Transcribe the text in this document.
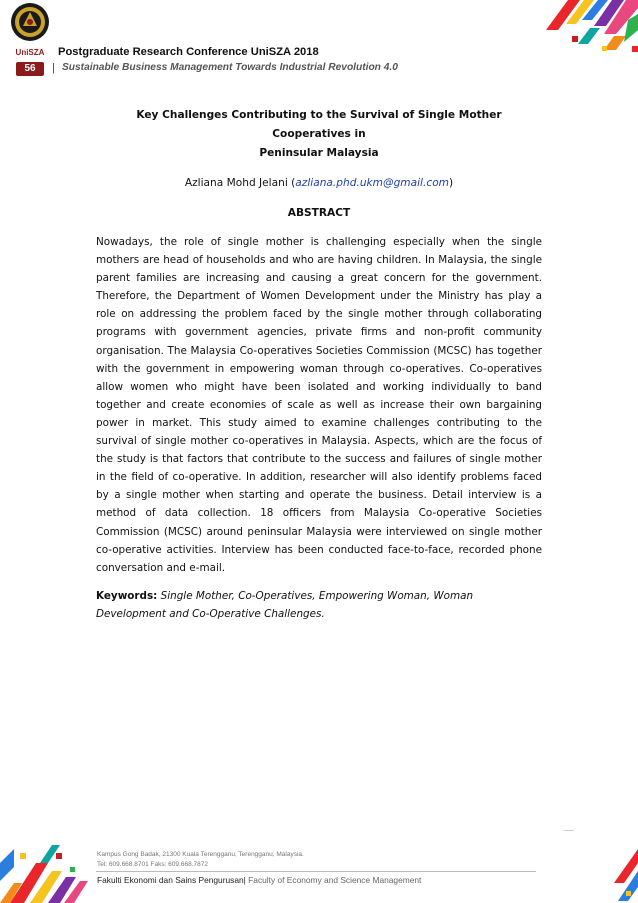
UniSZA Postgraduate Research Conference UniSZA 2018
56	| Sustainable Business Management Towards Industrial Revolution 4.0
Key Challenges Contributing to the Survival of Single Mother Cooperatives in
Peninsular Malaysia
Azliana Mohd Jelani (azliana.phd.ukm@gmail.com)
ABSTRACT
Nowadays, the role of single mother is challenging especially when the single mothers are head of households and who are having children. In Malaysia, the single parent families are increasing and causing a great concern for the government. Therefore, the Department of Women Development under the Ministry has play a role on addressing the problem faced by the single mother through collaborating programs with government agencies, private firms and non-profit community organisation. The Malaysia Co-operatives Societies Commission (MCSC) has together with the government in empowering woman through co-operatives. Co-operatives allow women who might have been isolated and working individually to band together and create economies of scale as well as increase their own bargaining power in market. This study aimed to examine challenges contributing to the survival of single mother co-operatives in Malaysia. Aspects, which are the focus of the study is that factors that contribute to the success and failures of single mother in the field of co-operative. In addition, researcher will also identify problems faced by a single mother when starting and operate the business. Detail interview is a method of data collection. 18 officers from Malaysia Co-operative Societies Commission (MCSC) around peninsular Malaysia were interviewed on single mother co-operative activities. Interview has been conducted face-to-face, recorded phone conversation and e-mail.
Keywords: Single Mother, Co-Operatives, Empowering Woman, Woman Development and Co-Operative Challenges.
Kampus Gong Badak, 21300 Kuala Terengganu, Terengganu, Malaysia.
Tel: 609.668.8701 Faks: 609.668.7872
Fakulti Ekonomi dan Sains Pengurusan| Faculty of Economy and Science Management
